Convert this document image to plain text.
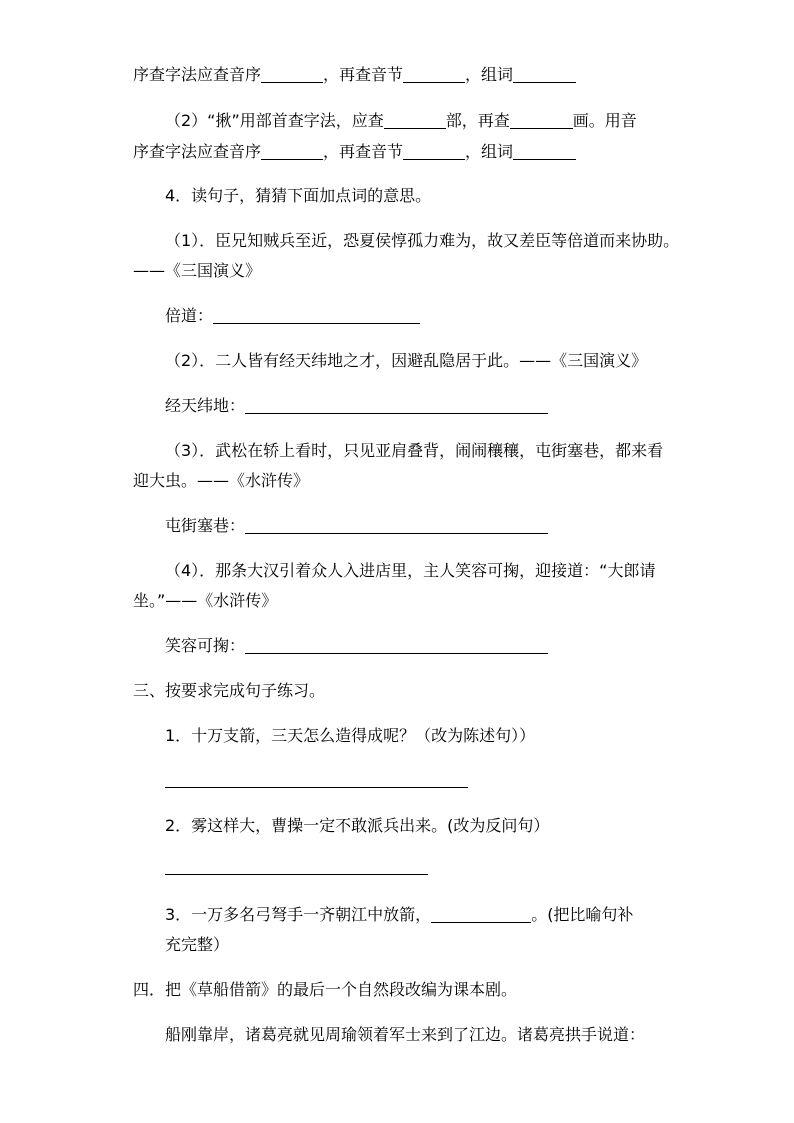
序查字法应查音序	，再查音节	，组词
（2）“揪”用部首查字法，应查	部，再查	画。用音
序查字法应查音序	，再查音节	，组词
4．读句子，猜猜下面加点词的意思。
（1）．臣兄知贼兵至近，恐夏侯惇孤力难为，故又差臣等倍道而来协助。
——《三国演义》
倍道：
（2）．二人皆有经天纬地之才，因避乱隐居于此。——《三国演义》
经天纬地：
（3）．武松在轿上看时，只见亚肩叠背，闹闹穰穰，屯街塞巷，都来看
迎大虫。——《水浒传》
屯街塞巷：
（4）．那条大汉引着众人入进店里，主人笑容可掬，迎接道：“大郎请
坐。”——《水浒传》
笑容可掬：
三、按要求完成句子练习。
1．十万支箭，三天怎么造得成呢？（改为陈述句））
2．雾这样大，曹操一定不敢派兵出来。(改为反问句）
3．一万多名弓弩手一齐朝江中放箭，	。(把比喻句补
充完整）
四．把《草船借箭》的最后一个自然段改编为课本剧。
船刚靠岸，诸葛亮就见周瑜领着军士来到了江边。诸葛亮拱手说道：
